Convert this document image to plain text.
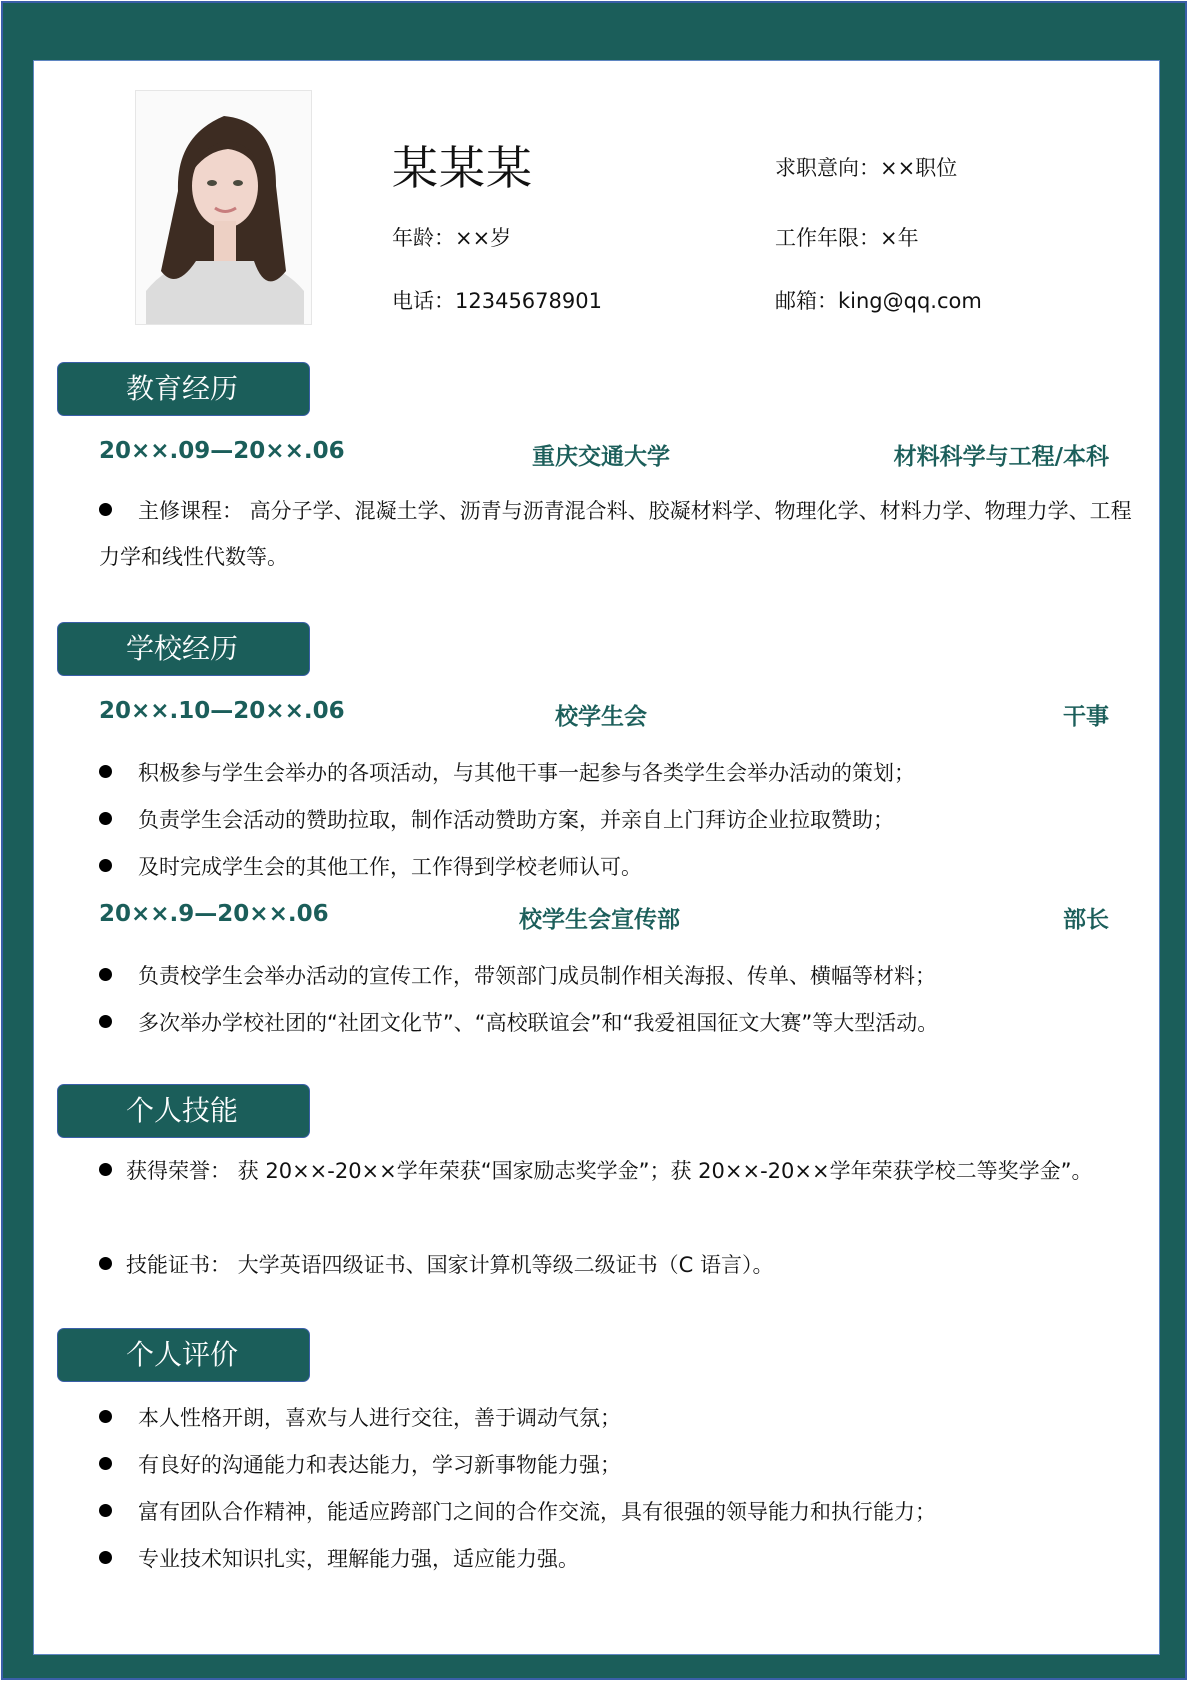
某某某	求职意向：××职位
年龄：××岁	工作年限：×年
电话：12345678901	邮箱：king@qq.com
教育经历
20××.09—20××.06	重庆交通大学	材料科学与工程/本科
主修课程： 高分子学、混凝土学、沥青与沥青混合料、胶凝材料学、物理化学、材料力学、物理力学、工程力学和线性代数等。
学校经历
20××.10—20××.06	校学生会	干事
积极参与学生会举办的各项活动，与其他干事一起参与各类学生会举办活动的策划；
负责学生会活动的赞助拉取，制作活动赞助方案，并亲自上门拜访企业拉取赞助；
及时完成学生会的其他工作，工作得到学校老师认可。
20××.9—20××.06	校学生会宣传部	部长
负责校学生会举办活动的宣传工作，带领部门成员制作相关海报、传单、横幅等材料；
多次举办学校社团的“社团文化节”、“高校联谊会”和“我爱祖国征文大赛”等大型活动。
个人技能
获得荣誉： 获 20××-20××学年荣获“国家励志奖学金”；获 20××-20××学年荣获学校二等奖学金”。
技能证书： 大学英语四级证书、国家计算机等级二级证书（C 语言）。
个人评价
本人性格开朗，喜欢与人进行交往，善于调动气氛；
有良好的沟通能力和表达能力，学习新事物能力强；
富有团队合作精神，能适应跨部门之间的合作交流，具有很强的领导能力和执行能力；
专业技术知识扎实，理解能力强，适应能力强。
